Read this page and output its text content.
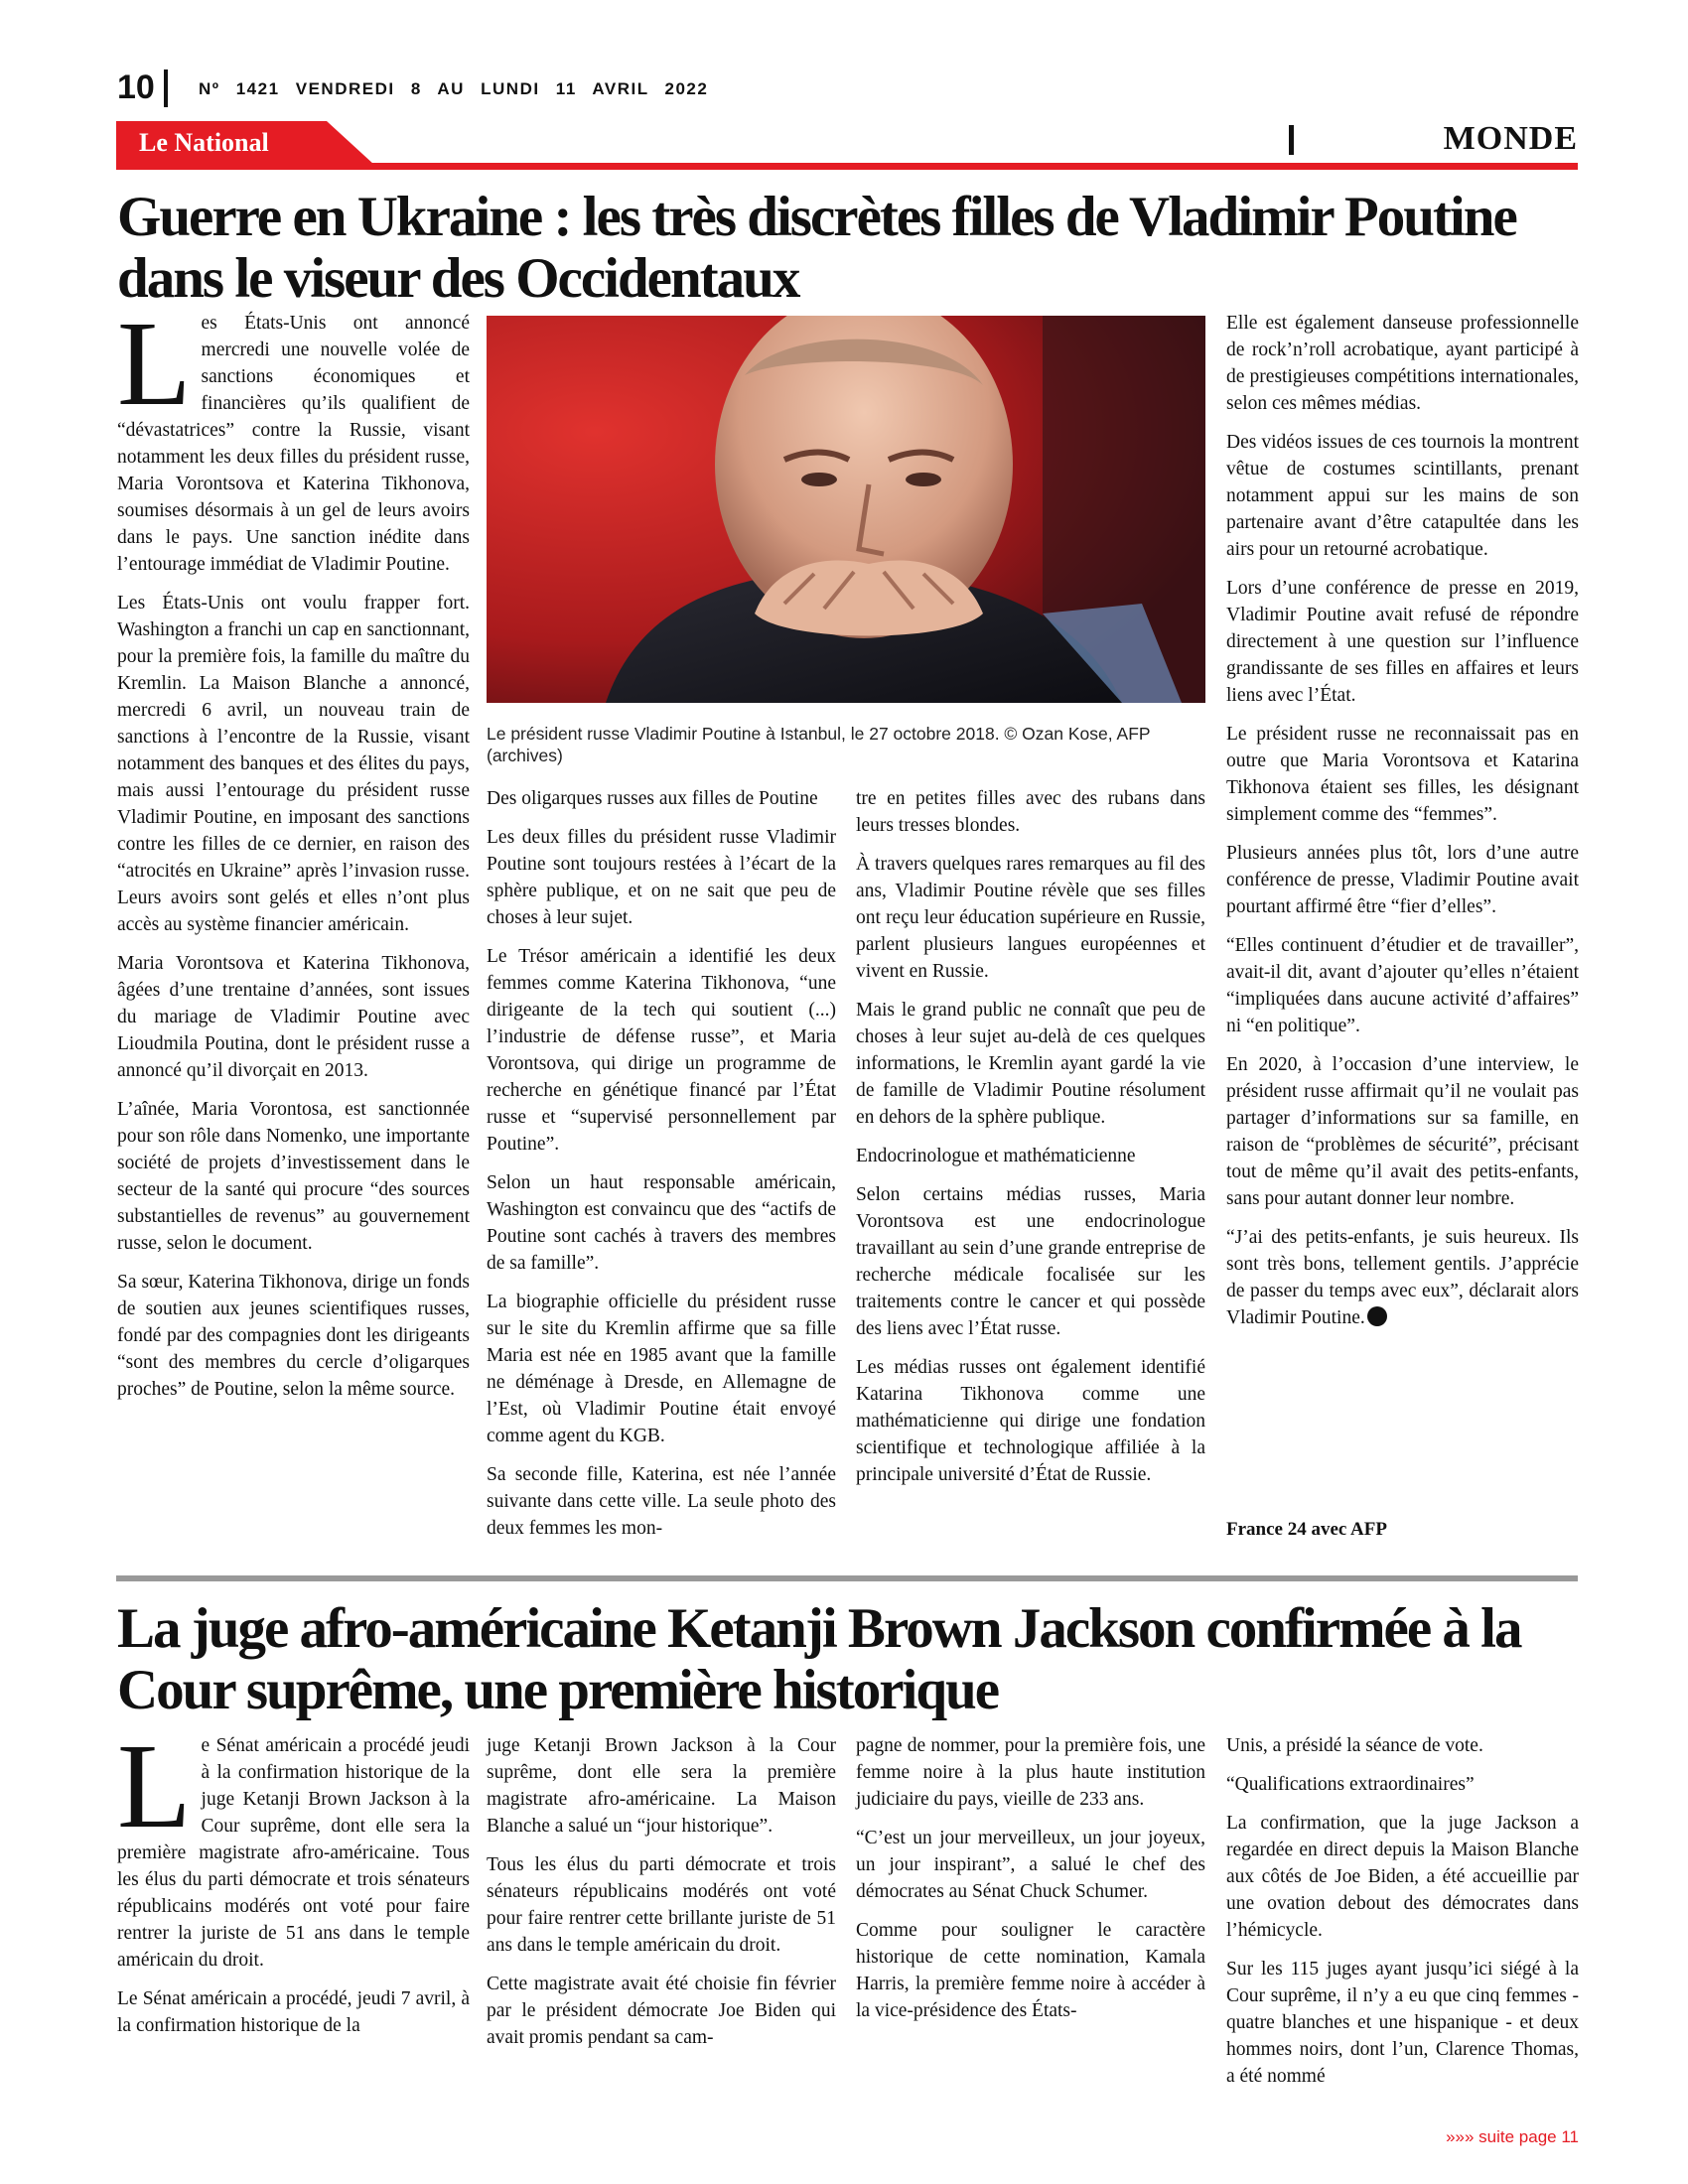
10	Nº 1421 VENDREDI 8 AU LUNDI 11 AVRIL 2022
Le National	MONDE
Guerre en Ukraine : les très discrètes filles de Vladimir Poutine dans le viseur des Occidentaux
L es États-Unis ont annoncé mercredi une nouvelle volée de sanctions économiques et financières qu’ils qualifient de “dévastatrices” contre la Russie, visant notamment les deux filles du président russe, Maria Vorontsova et Katerina Tikhonova, soumises désormais à un gel de leurs avoirs dans le pays. Une sanction inédite dans l’entourage immédiat de Vladimir Poutine.

Les États-Unis ont voulu frapper fort. Washington a franchi un cap en sanctionnant, pour la première fois, la famille du maître du Kremlin. La Maison Blanche a annoncé, mercredi 6 avril, un nouveau train de sanctions à l’encontre de la Russie, visant notamment des banques et des élites du pays, mais aussi l’entourage du président russe Vladimir Poutine, en imposant des sanctions contre les filles de ce dernier, en raison des “atrocités en Ukraine” après l’invasion russe. Leurs avoirs sont gelés et elles n’ont plus accès au système financier américain.

Maria Vorontsova et Katerina Tikhonova, âgées d’une trentaine d’années, sont issues du mariage de Vladimir Poutine avec Lioudmila Poutina, dont le président russe a annoncé qu’il divorçait en 2013.

L’aînée, Maria Vorontosa, est sanctionnée pour son rôle dans Nomenko, une importante société de projets d’investissement dans le secteur de la santé qui procure “des sources substantielles de revenus” au gouvernement russe, selon le document.

Sa sœur, Katerina Tikhonova, dirige un fonds de soutien aux jeunes scientifiques russes, fondé par des compagnies dont les dirigeants “sont des membres du cercle d’oligarques proches” de Poutine, selon la même source.

Le président russe Vladimir Poutine à Istanbul, le 27 octobre 2018. © Ozan Kose, AFP (archives)

Des oligarques russes aux filles de Poutine

Les deux filles du président russe Vladimir Poutine sont toujours restées à l’écart de la sphère publique, et on ne sait que peu de choses à leur sujet.

Le Trésor américain a identifié les deux femmes comme Katerina Tikhonova, “une dirigeante de la tech qui soutient (...) l’industrie de défense russe”, et Maria Vorontsova, qui dirige un programme de recherche en génétique financé par l’État russe et “supervisé personnellement par Poutine”.

Selon un haut responsable américain, Washington est convaincu que des “actifs de Poutine sont cachés à travers des membres de sa famille”.

La biographie officielle du président russe sur le site du Kremlin affirme que sa fille Maria est née en 1985 avant que la famille ne déménage à Dresde, en Allemagne de l’Est, où Vladimir Poutine était envoyé comme agent du KGB.

Sa seconde fille, Katerina, est née l’année suivante dans cette ville. La seule photo des deux femmes les mon-

tre en petites filles avec des rubans dans leurs tresses blondes.

À travers quelques rares remarques au fil des ans, Vladimir Poutine révèle que ses filles ont reçu leur éducation supérieure en Russie, parlent plusieurs langues européennes et vivent en Russie.

Mais le grand public ne connaît que peu de choses à leur sujet au-delà de ces quelques informations, le Kremlin ayant gardé la vie de famille de Vladimir Poutine résolument en dehors de la sphère publique.

Endocrinologue et mathématicienne

Selon certains médias russes, Maria Vorontsova est une endocrinologue travaillant au sein d’une grande entreprise de recherche médicale focalisée sur les traitements contre le cancer et qui possède des liens avec l’État russe.

Les médias russes ont également identifié Katarina Tikhonova comme une mathématicienne qui dirige une fondation scientifique et technologique affiliée à la principale université d’État de Russie.

Elle est également danseuse professionnelle de rock’n’roll acrobatique, ayant participé à de prestigieuses compétitions internationales, selon ces mêmes médias.

Des vidéos issues de ces tournois la montrent vêtue de costumes scintillants, prenant notamment appui sur les mains de son partenaire avant d’être catapultée dans les airs pour un retourné acrobatique.

Lors d’une conférence de presse en 2019, Vladimir Poutine avait refusé de répondre directement à une question sur l’influence grandissante de ses filles en affaires et leurs liens avec l’État.

Le président russe ne reconnaissait pas en outre que Maria Vorontsova et Katarina Tikhonova étaient ses filles, les désignant simplement comme des “femmes”.

Plusieurs années plus tôt, lors d’une autre conférence de presse, Vladimir Poutine avait pourtant affirmé être “fier d’elles”.

“Elles continuent d’étudier et de travailler”, avait-il dit, avant d’ajouter qu’elles n’étaient “impliquées dans aucune activité d’affaires” ni “en politique”.

En 2020, à l’occasion d’une interview, le président russe affirmait qu’il ne voulait pas partager d’informations sur sa famille, en raison de “problèmes de sécurité”, précisant tout de même qu’il avait des petits-enfants, sans pour autant donner leur nombre.

“J’ai des petits-enfants, je suis heureux. Ils sont très bons, tellement gentils. J’apprécie de passer du temps avec eux”, déclarait alors Vladimir Poutine.

France 24 avec AFP
La juge afro-américaine Ketanji Brown Jackson confirmée à la Cour suprême, une première historique
L e Sénat américain a procédé jeudi à la confirmation historique de la juge Ketanji Brown Jackson à la Cour suprême, dont elle sera la première magistrate afro-américaine. Tous les élus du parti démocrate et trois sénateurs républicains modérés ont voté pour faire rentrer la juriste de 51 ans dans le temple américain du droit.

Le Sénat américain a procédé, jeudi 7 avril, à la confirmation historique de la

juge Ketanji Brown Jackson à la Cour suprême, dont elle sera la première magistrate afro-américaine. La Maison Blanche a salué un “jour historique”.

Tous les élus du parti démocrate et trois sénateurs républicains modérés ont voté pour faire rentrer cette brillante juriste de 51 ans dans le temple américain du droit.

Cette magistrate avait été choisie fin février par le président démocrate Joe Biden qui avait promis pendant sa cam-

pagne de nommer, pour la première fois, une femme noire à la plus haute institution judiciaire du pays, vieille de 233 ans.

“C’est un jour merveilleux, un jour joyeux, un jour inspirant”, a salué le chef des démocrates au Sénat Chuck Schumer.

Comme pour souligner le caractère historique de cette nomination, Kamala Harris, la première femme noire à accéder à la vice-présidence des États-

Unis, a présidé la séance de vote.

“Qualifications extraordinaires”

La confirmation, que la juge Jackson a regardée en direct depuis la Maison Blanche aux côtés de Joe Biden, a été accueillie par une ovation debout des démocrates dans l’hémicycle.

Sur les 115 juges ayant jusqu’ici siégé à la Cour suprême, il n’y a eu que cinq femmes - quatre blanches et une hispanique - et deux hommes noirs, dont l’un, Clarence Thomas, a été nommé

»»» suite page 11
